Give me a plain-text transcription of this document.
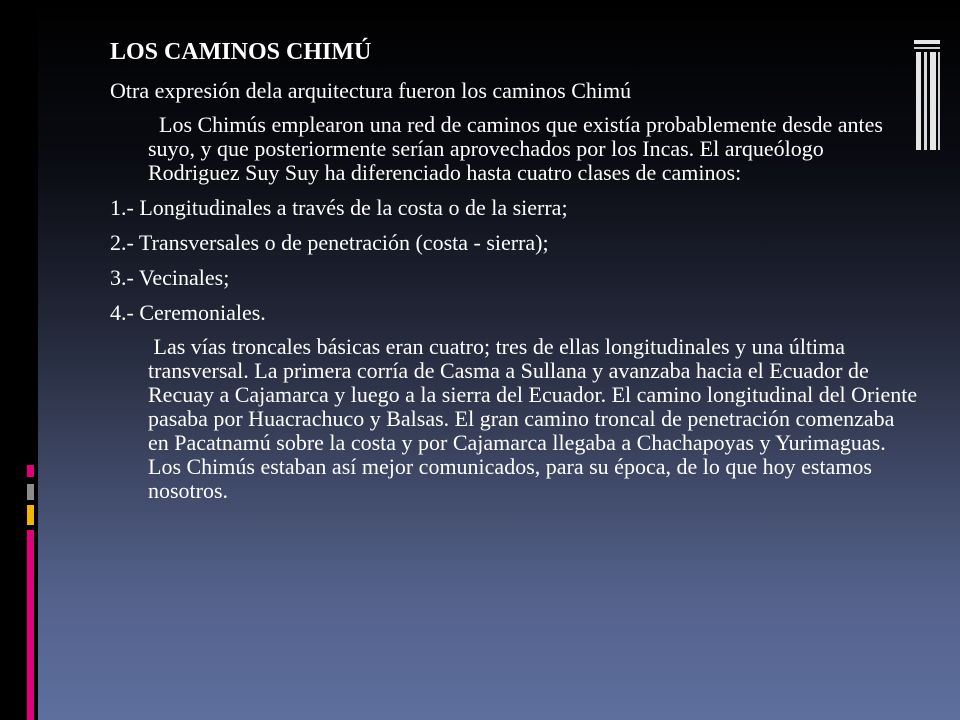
LOS CAMINOS CHIMÚ
Otra expresión dela arquitectura fueron los caminos Chimú
Los Chimús emplearon una red de caminos que existía probablemente desde antes suyo, y que posteriormente serían aprovechados por los Incas. El arqueólogo Rodriguez Suy Suy ha diferenciado hasta cuatro clases de caminos:
1.- Longitudinales a través de la costa o de la sierra;
2.- Transversales o de penetración (costa - sierra);
3.- Vecinales;
4.- Ceremoniales.
Las vías troncales básicas eran cuatro; tres de ellas longitudinales y una última transversal. La primera corría de Casma a Sullana y avanzaba hacia el Ecuador de Recuay a Cajamarca y luego a la sierra del Ecuador. El camino longitudinal del Oriente pasaba por Huacrachuco y Balsas. El gran camino troncal de penetración comenzaba en Pacatnamú sobre la costa y por Cajamarca llegaba a Chachapoyas y Yurimaguas. Los Chimús estaban así mejor comunicados, para su época, de lo que hoy estamos nosotros.
